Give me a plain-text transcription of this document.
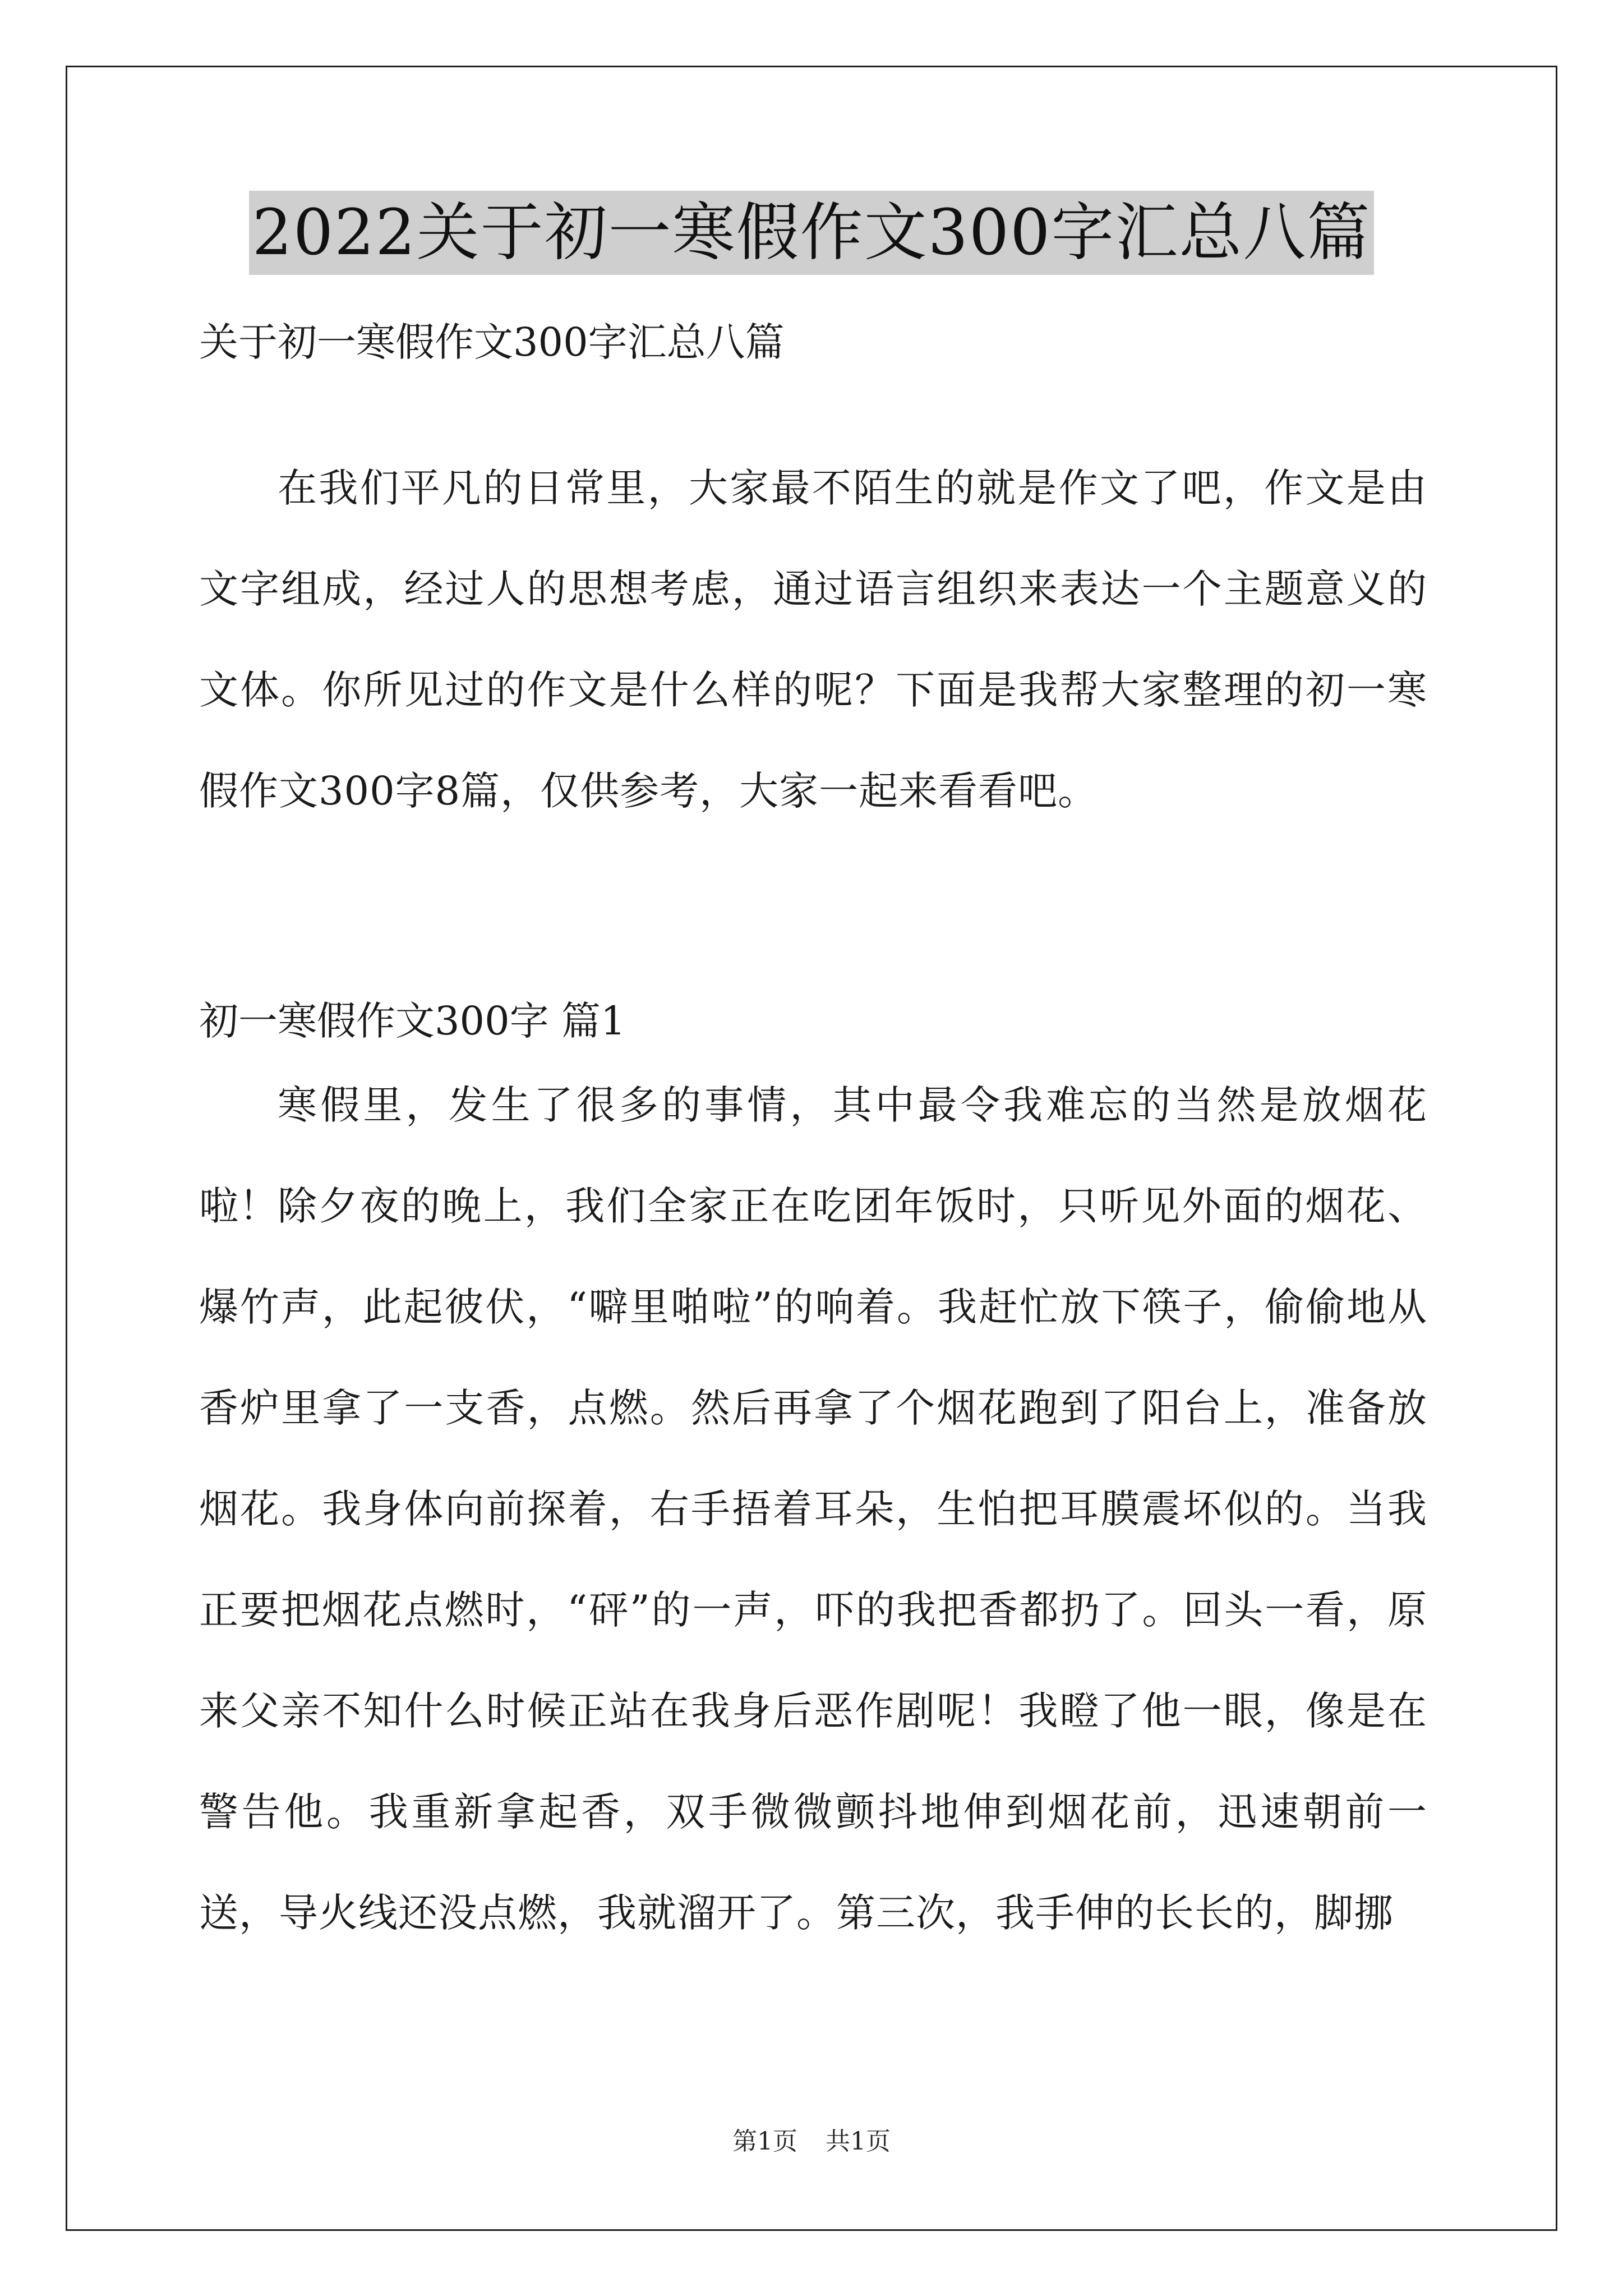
2022关于初一寒假作文300字汇总八篇
关于初一寒假作文300字汇总八篇

在我们平凡的日常里，大家最不陌生的就是作文了吧，作文是由文字组成，经过人的思想考虑，通过语言组织来表达一个主题意义的文体。你所见过的作文是什么样的呢？下面是我帮大家整理的初一寒假作文300字8篇，仅供参考，大家一起来看看吧。

初一寒假作文300字 篇1

寒假里，发生了很多的事情，其中最令我难忘的当然是放烟花啦！

除夕夜的晚上，我们全家正在吃团年饭时，只听见外面的烟花、爆竹声，此起彼伏，“噼里啪啦”的响着。我赶忙放下筷子，偷偷地从香炉里拿了一支香，点燃。然后再拿了个烟花跑到了阳台上，准备放烟花。我身体向前探着，右手捂着耳朵，生怕把耳膜震坏似的。当我正要把烟花点燃时，“砰”的一声，吓的我把香都扔了。回头一看，原来父亲不知什么时候正站在我身后恶作剧呢！我瞪了他一眼，像是在警告他。我重新拿起香，双手微微颤抖地伸到烟花前，迅速朝前一送，导火线还没点燃，我就溜开了。第三次，我手伸的长长的，脚挪

第1页 共1页
